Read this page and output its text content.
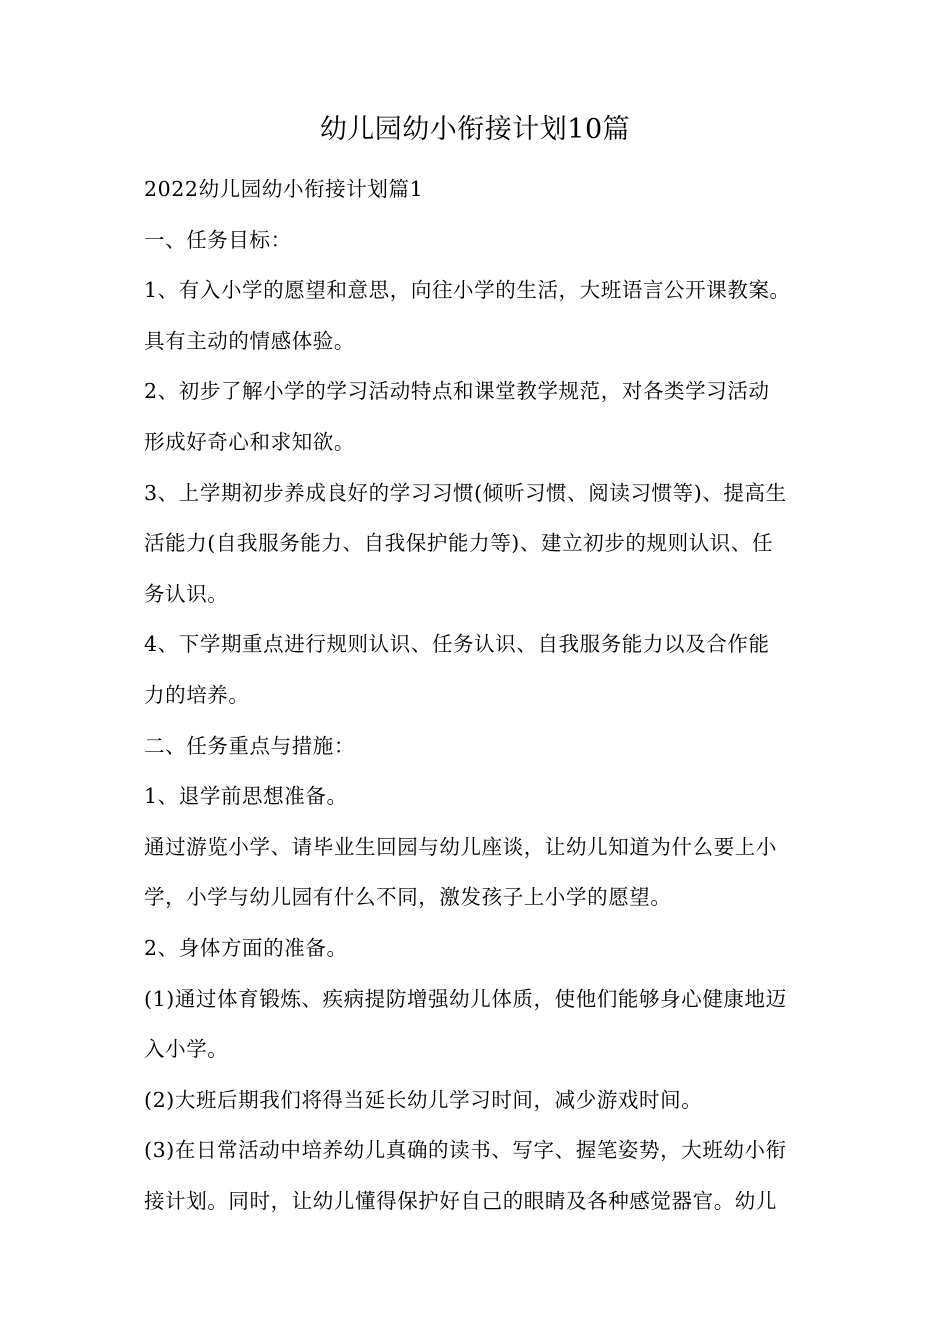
幼儿园幼小衔接计划10篇
2022幼儿园幼小衔接计划篇1
一、任务目标：
1、有入小学的愿望和意思，向往小学的生活，大班语言公开课教案。
具有主动的情感体验。
2、初步了解小学的学习活动特点和课堂教学规范，对各类学习活动
形成好奇心和求知欲。
3、上学期初步养成良好的学习习惯(倾听习惯、阅读习惯等)、提高生
活能力(自我服务能力、自我保护能力等)、建立初步的规则认识、任
务认识。
4、下学期重点进行规则认识、任务认识、自我服务能力以及合作能
力的培养。
二、任务重点与措施：
1、退学前思想准备。
通过游览小学、请毕业生回园与幼儿座谈，让幼儿知道为什么要上小
学，小学与幼儿园有什么不同，激发孩子上小学的愿望。
2、身体方面的准备。
(1)通过体育锻炼、疾病提防增强幼儿体质，使他们能够身心健康地迈
入小学。
(2)大班后期我们将得当延长幼儿学习时间，减少游戏时间。
(3)在日常活动中培养幼儿真确的读书、写字、握笔姿势，大班幼小衔
接计划。同时，让幼儿懂得保护好自己的眼睛及各种感觉器官。幼儿
